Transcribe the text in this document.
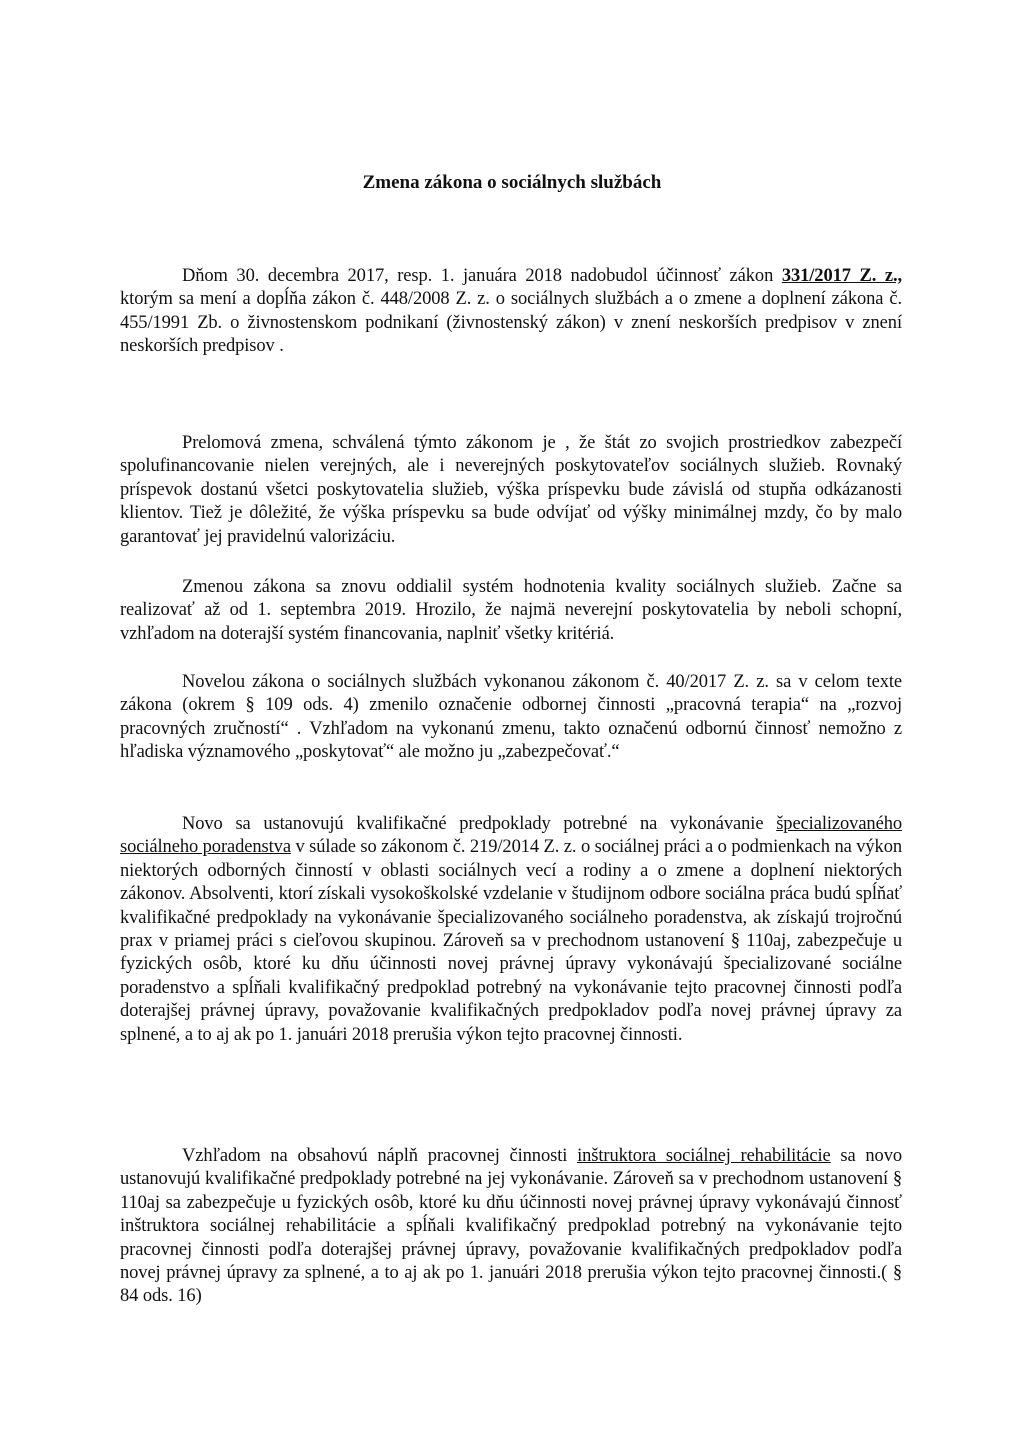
Zmena zákona o sociálnych službách

Dňom 30. decembra 2017, resp. 1. januára 2018 nadobudol účinnosť zákon 331/2017 Z. z., ktorým sa mení a dopĺňa zákon č. 448/2008 Z. z. o sociálnych službách a o zmene a doplnení zákona č. 455/1991 Zb. o živnostenskom podnikaní (živnostenský zákon) v znení neskorších predpisov v znení neskorších predpisov .

Prelomová zmena, schválená týmto zákonom je , že štát zo svojich prostriedkov zabezpečí spolufinancovanie nielen verejných, ale i neverejných poskytovateľov sociálnych služieb. Rovnaký príspevok dostanú všetci poskytovatelia služieb, výška príspevku bude závislá od stupňa odkázanosti klientov. Tiež je dôležité, že výška príspevku sa bude odvíjať od výšky minimálnej mzdy, čo by malo garantovať jej pravidelnú valorizáciu.

Zmenou zákona sa znovu oddialil systém hodnotenia kvality sociálnych služieb. Začne sa realizovať až od 1. septembra 2019. Hrozilo, že najmä neverejní poskytovatelia by neboli schopní, vzhľadom na doterajší systém financovania, naplniť všetky kritériá.

Novelou zákona o sociálnych službách vykonanou zákonom č. 40/2017 Z. z. sa v celom texte zákona (okrem § 109 ods. 4) zmenilo označenie odbornej činnosti „pracovná terapia“ na „rozvoj pracovných zručností“ . Vzhľadom na vykonanú zmenu, takto označenú odbornú činnosť nemožno z hľadiska významového „poskytovať“ ale možno ju „zabezpečovať.“

Novo sa ustanovujú kvalifikačné predpoklady potrebné na vykonávanie špecializovaného sociálneho poradenstva v súlade so zákonom č. 219/2014 Z. z. o sociálnej práci a o podmienkach na výkon niektorých odborných činností v oblasti sociálnych vecí a rodiny a o zmene a doplnení niektorých zákonov. Absolventi, ktorí získali vysokoškolské vzdelanie v študijnom odbore sociálna práca budú spĺňať kvalifikačné predpoklady na vykonávanie špecializovaného sociálneho poradenstva, ak získajú trojročnú prax v priamej práci s cieľovou skupinou. Zároveň sa v prechodnom ustanovení § 110aj, zabezpečuje u fyzických osôb, ktoré ku dňu účinnosti novej právnej úpravy vykonávajú špecializované sociálne poradenstvo a spĺňali kvalifikačný predpoklad potrebný na vykonávanie tejto pracovnej činnosti podľa doterajšej právnej úpravy, považovanie kvalifikačných predpokladov podľa novej právnej úpravy za splnené, a to aj ak po 1. januári 2018 prerušia výkon tejto pracovnej činnosti.

Vzhľadom na obsahovú náplň pracovnej činnosti inštruktora sociálnej rehabilitácie sa novo ustanovujú kvalifikačné predpoklady potrebné na jej vykonávanie. Zároveň sa v prechodnom ustanovení § 110aj sa zabezpečuje u fyzických osôb, ktoré ku dňu účinnosti novej právnej úpravy vykonávajú činnosť inštruktora sociálnej rehabilitácie a spĺňali kvalifikačný predpoklad potrebný na vykonávanie tejto pracovnej činnosti podľa doterajšej právnej úpravy, považovanie kvalifikačných predpokladov podľa novej právnej úpravy za splnené, a to aj ak po 1. januári 2018 prerušia výkon tejto pracovnej činnosti.( § 84 ods. 16)
